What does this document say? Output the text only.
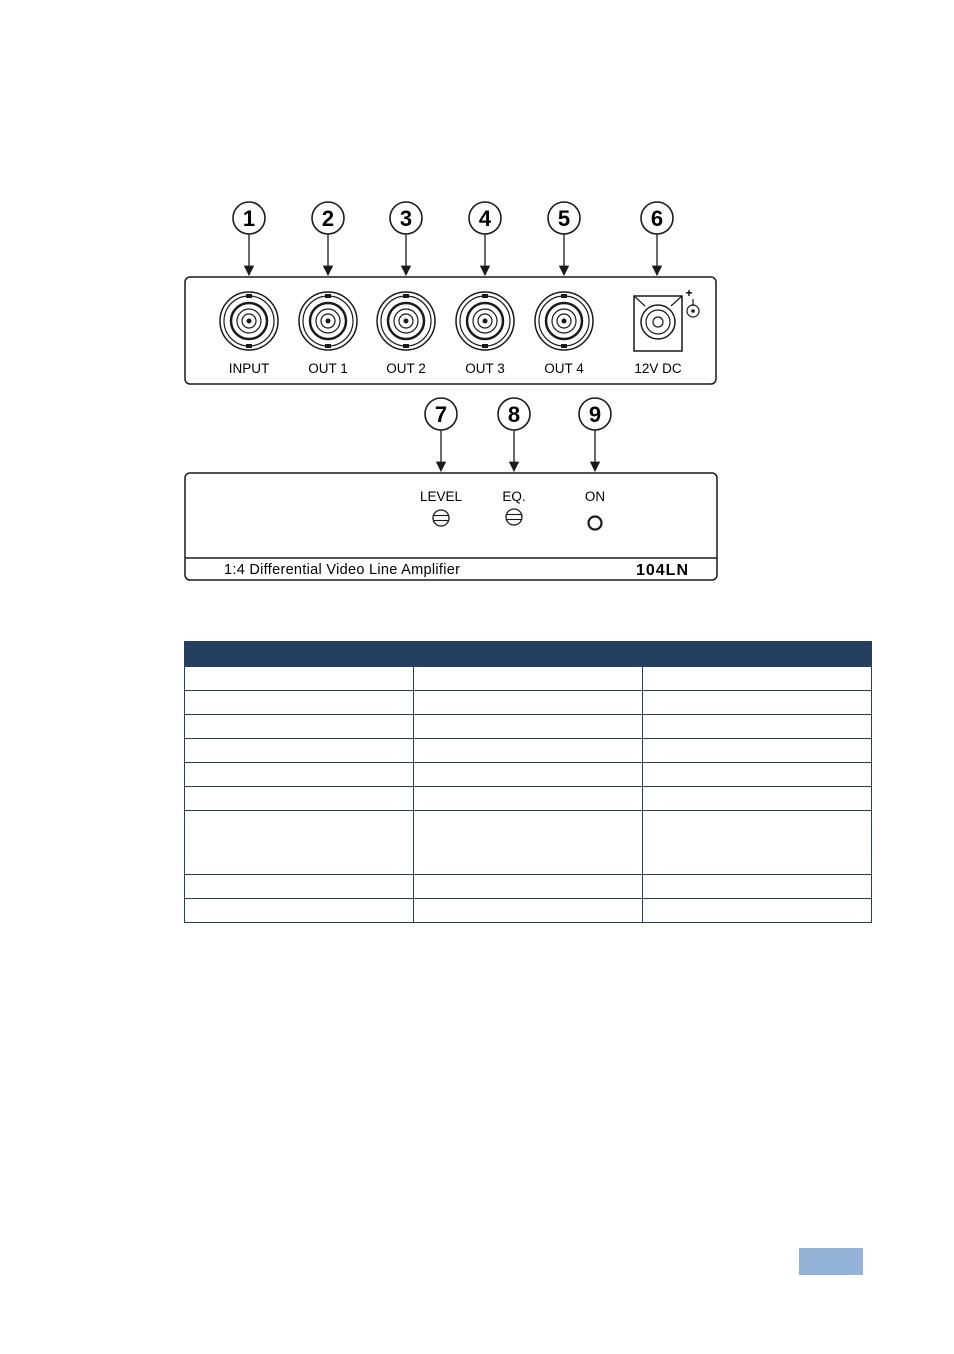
1	2	3	4	5	6
+
INPUT	OUT 1	OUT 2	OUT 3	OUT 4	12V DC
7	8	9
LEVEL	EQ.	ON
1:4 Differential Video Line Amplifier	104LN
